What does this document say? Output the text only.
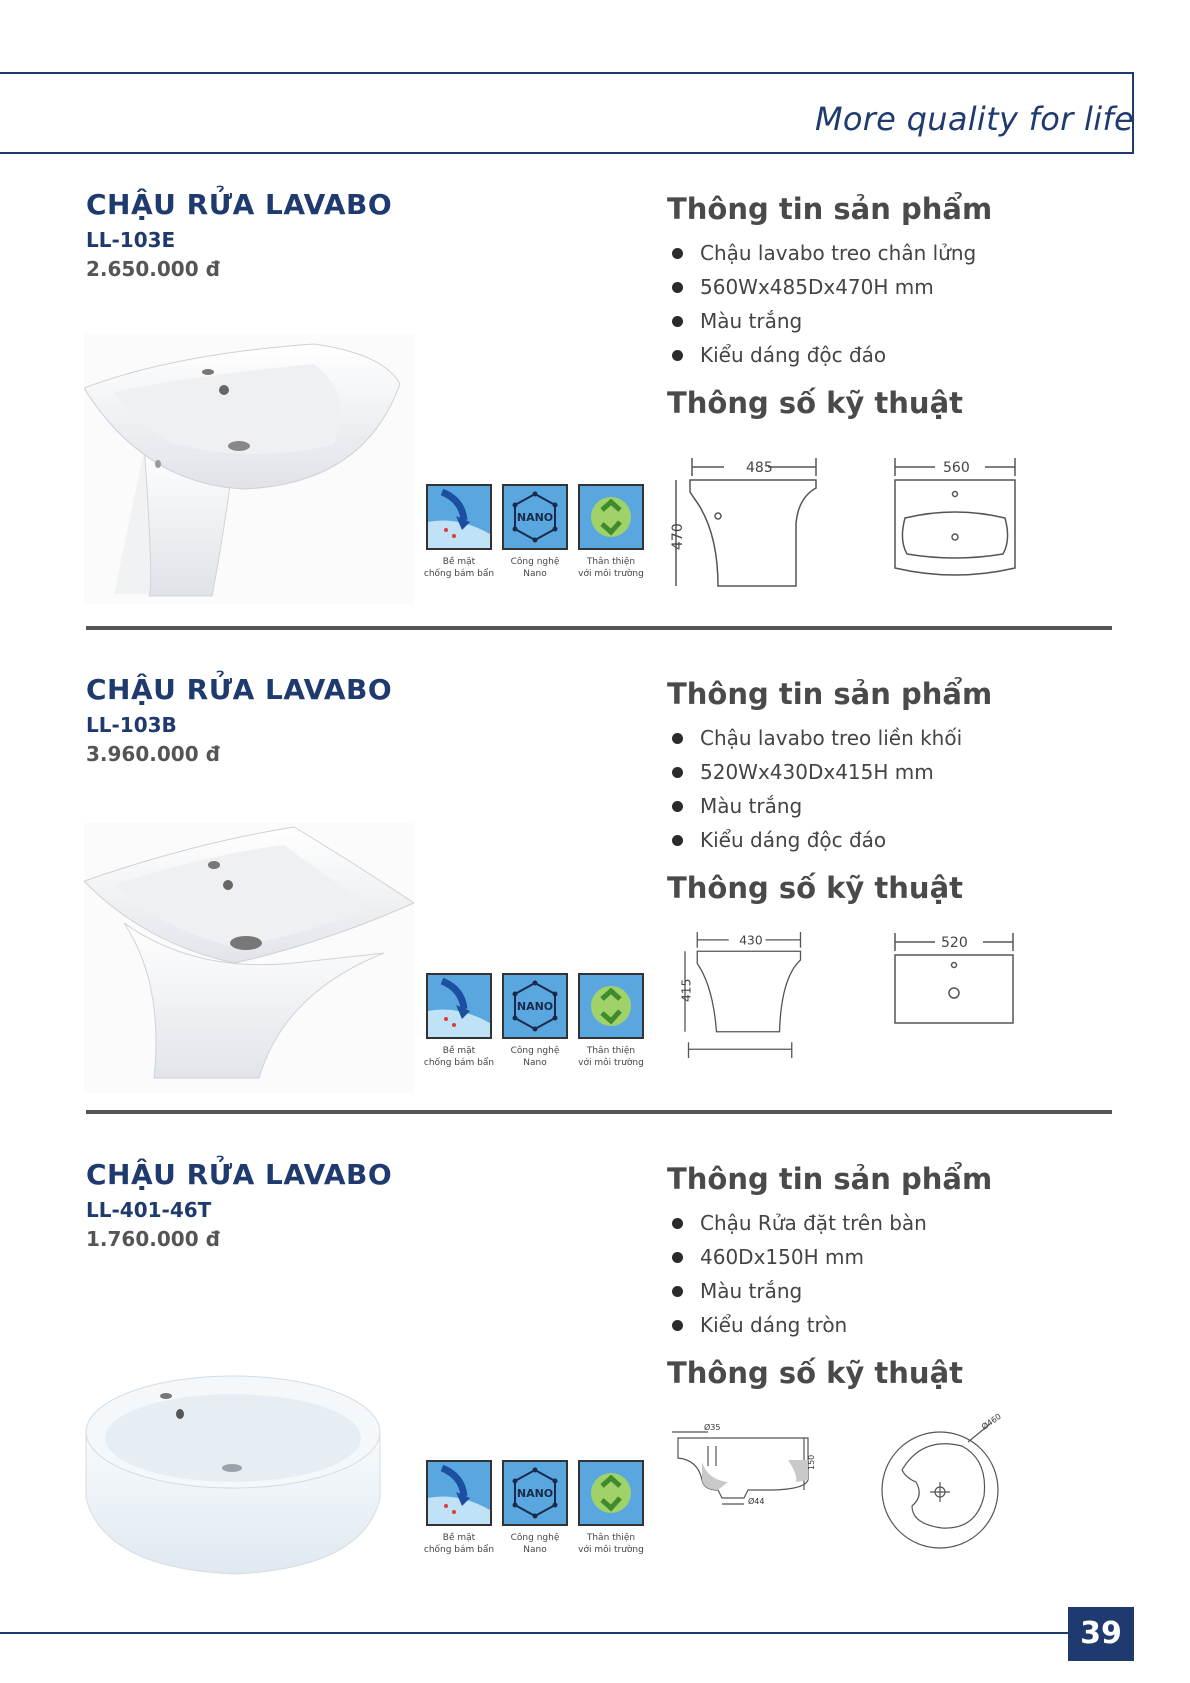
More quality for life
CHẬU RỬA LAVABO
LL-103E
2.650.000 đ
Thông tin sản phẩm
Chậu lavabo treo chân lửng
560Wx485Dx470H mm
Màu trắng
Kiểu dáng độc đáo
Thông số kỹ thuật
NANO
Bề mặt
chống bám bẩn
Công nghệ
Nano
Thân thiện
với môi trường
485
470
560
CHẬU RỬA LAVABO
LL-103B
3.960.000 đ
Thông tin sản phẩm
Chậu lavabo treo liền khối
520Wx430Dx415H mm
Màu trắng
Kiểu dáng độc đáo
Thông số kỹ thuật
NANO
Bề mặt
chống bám bẩn
Công nghệ
Nano
Thân thiện
với môi trường
430
415
520
CHẬU RỬA LAVABO
LL-401-46T
1.760.000 đ
Thông tin sản phẩm
Chậu Rửa đặt trên bàn
460Dx150H mm
Màu trắng
Kiểu dáng tròn
Thông số kỹ thuật
NANO
Bề mặt
chống bám bẩn
Công nghệ
Nano
Thân thiện
với môi trường
Ø35
150
Ø44
Ø460
39
